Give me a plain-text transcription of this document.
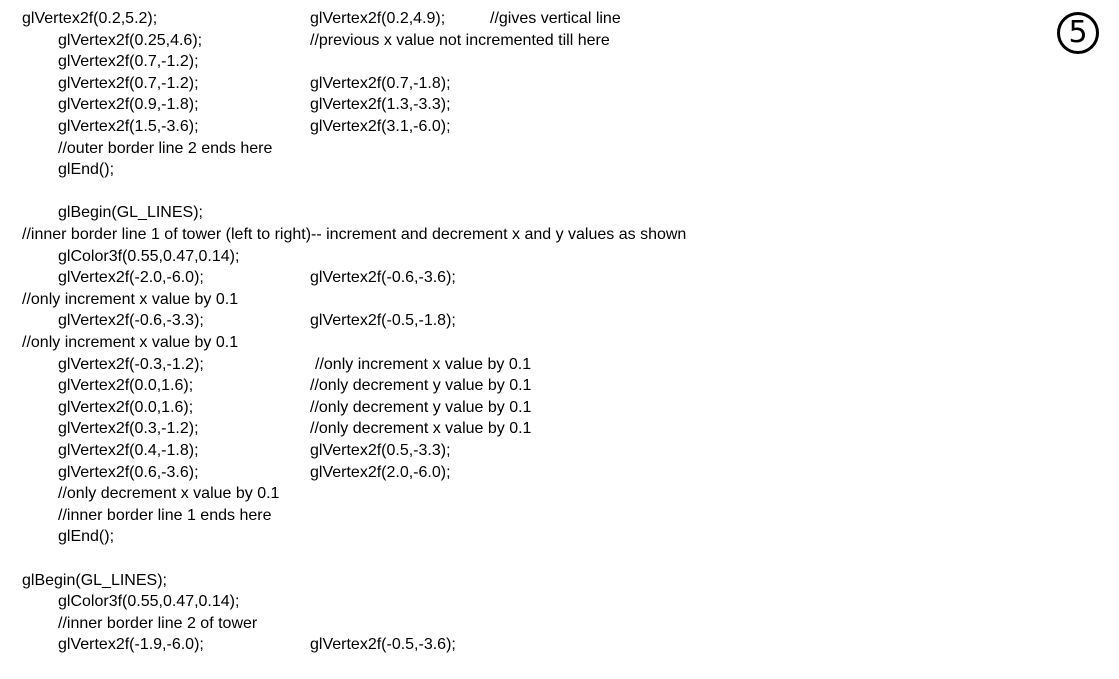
5
glVertex2f(0.2,5.2);	glVertex2f(0.2,4.9);	//gives vertical line
glVertex2f(0.25,4.6);	//previous x value not incremented till here
glVertex2f(0.7,-1.2);
glVertex2f(0.7,-1.2);	glVertex2f(0.7,-1.8);
glVertex2f(0.9,-1.8);	glVertex2f(1.3,-3.3);
glVertex2f(1.5,-3.6);	glVertex2f(3.1,-6.0);
//outer border line 2 ends here
glEnd();
glBegin(GL_LINES);
//inner border line 1 of tower (left to right)-- increment and decrement x and y values as shown
glColor3f(0.55,0.47,0.14);
glVertex2f(-2.0,-6.0);	glVertex2f(-0.6,-3.6);
//only increment x value by 0.1
glVertex2f(-0.6,-3.3);	glVertex2f(-0.5,-1.8);
//only increment x value by 0.1
glVertex2f(-0.3,-1.2);	//only increment x value by 0.1
glVertex2f(0.0,1.6);	//only decrement y value by 0.1
glVertex2f(0.0,1.6);	//only decrement y value by 0.1
glVertex2f(0.3,-1.2);	//only decrement x value by 0.1
glVertex2f(0.4,-1.8);	glVertex2f(0.5,-3.3);
glVertex2f(0.6,-3.6);	glVertex2f(2.0,-6.0);
//only decrement x value by 0.1
//inner border line 1 ends here
glEnd();
glBegin(GL_LINES);
glColor3f(0.55,0.47,0.14);
//inner border line 2 of tower
glVertex2f(-1.9,-6.0);	glVertex2f(-0.5,-3.6);
